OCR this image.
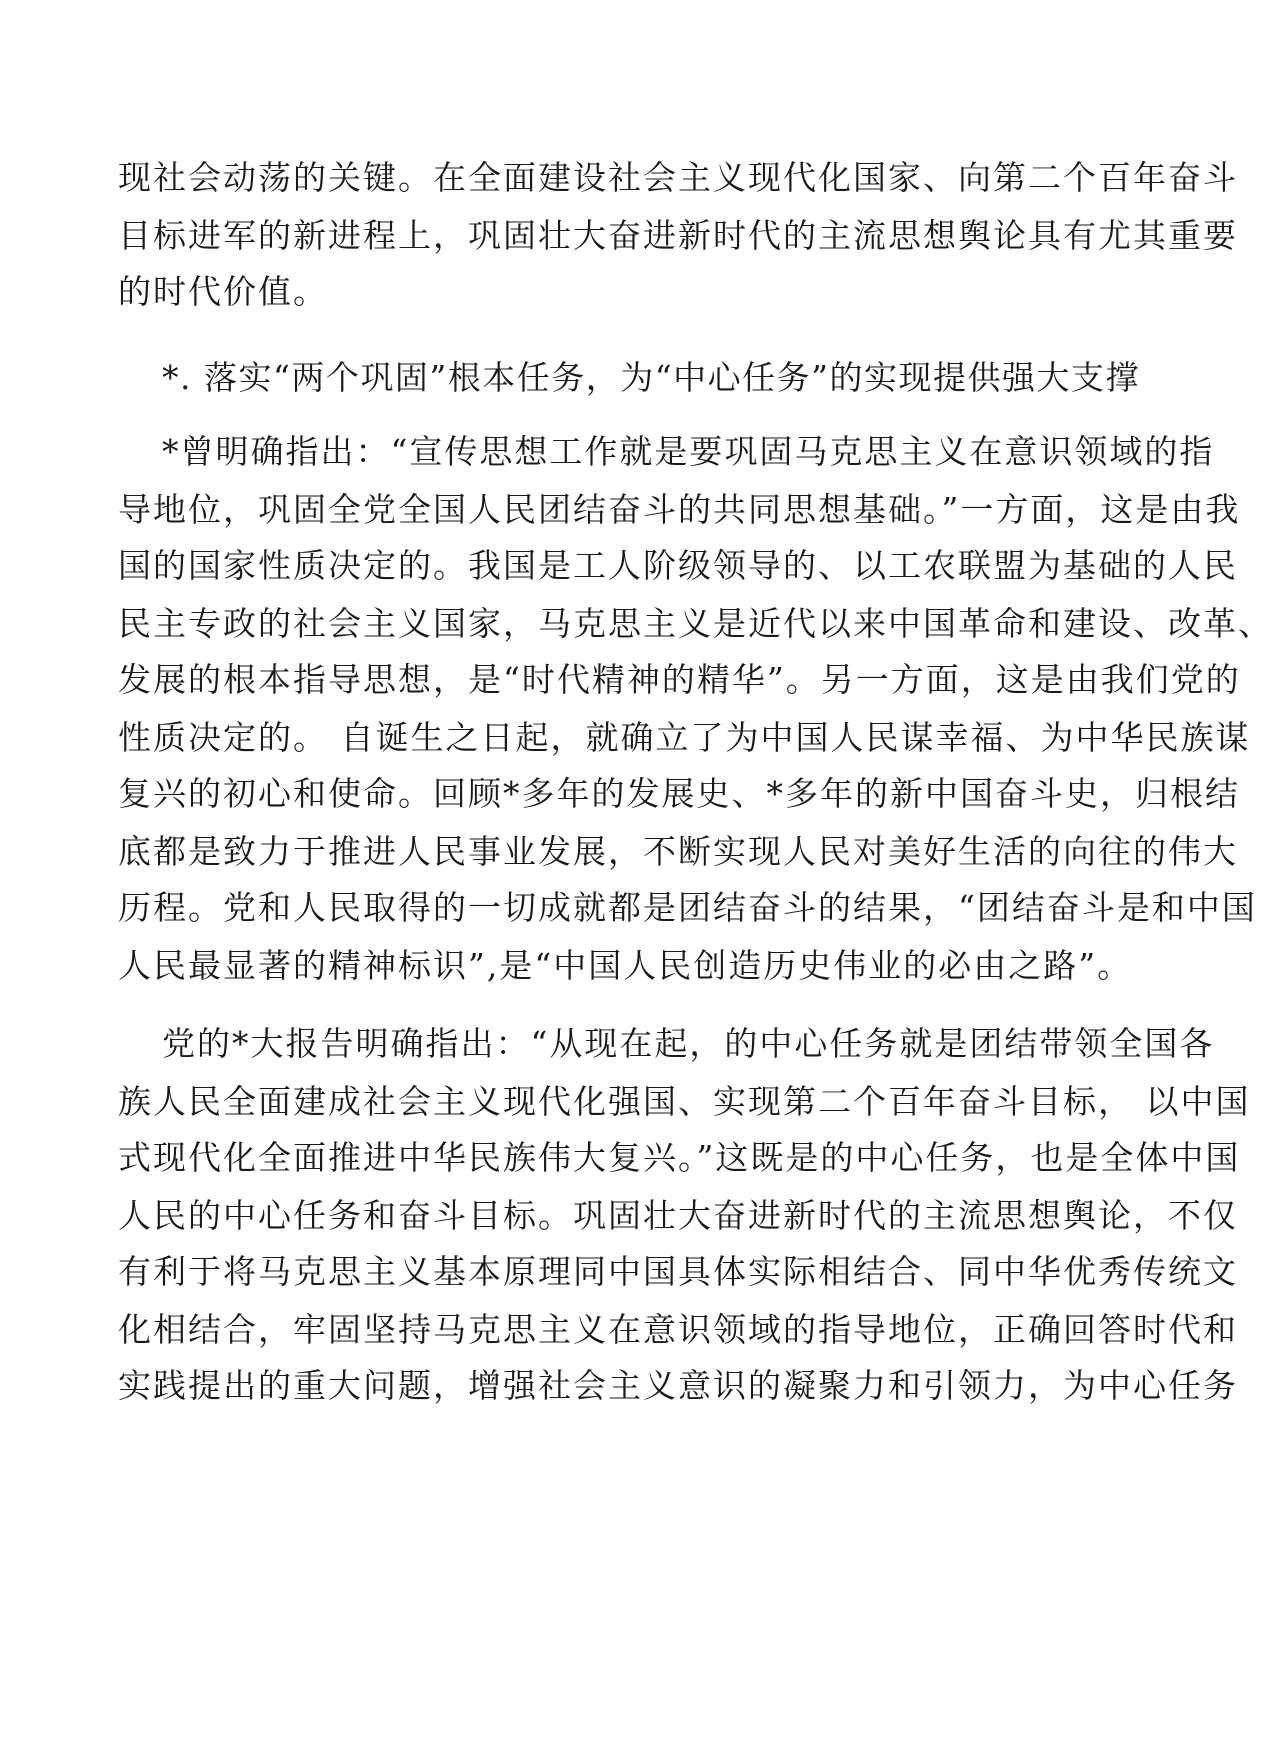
现社会动荡的关键。在全面建设社会主义现代化国家、向第二个百年奋斗
目标进军的新进程上，巩固壮大奋进新时代的主流思想舆论具有尤其重要
的时代价值。
*. 落实“两个巩固”根本任务，为“中心任务”的实现提供强大支撑
*曾明确指出：“宣传思想工作就是要巩固马克思主义在意识领域的指
导地位，巩固全党全国人民团结奋斗的共同思想基础。”一方面，这是由我
国的国家性质决定的。我国是工人阶级领导的、以工农联盟为基础的人民
民主专政的社会主义国家，马克思主义是近代以来中国革命和建设、改革、
发展的根本指导思想，是“时代精神的精华”。另一方面，这是由我们党的
性质决定的。 自诞生之日起，就确立了为中国人民谋幸福、为中华民族谋
复兴的初心和使命。回顾*多年的发展史、*多年的新中国奋斗史，归根结
底都是致力于推进人民事业发展，不断实现人民对美好生活的向往的伟大
历程。党和人民取得的一切成就都是团结奋斗的结果，“团结奋斗是和中国
人民最显著的精神标识”,是“中国人民创造历史伟业的必由之路”。
党的*大报告明确指出：“从现在起，的中心任务就是团结带领全国各
族人民全面建成社会主义现代化强国、实现第二个百年奋斗目标， 以中国
式现代化全面推进中华民族伟大复兴。”这既是的中心任务，也是全体中国
人民的中心任务和奋斗目标。巩固壮大奋进新时代的主流思想舆论，不仅
有利于将马克思主义基本原理同中国具体实际相结合、同中华优秀传统文
化相结合，牢固坚持马克思主义在意识领域的指导地位，正确回答时代和
实践提出的重大问题，增强社会主义意识的凝聚力和引领力，为中心任务
